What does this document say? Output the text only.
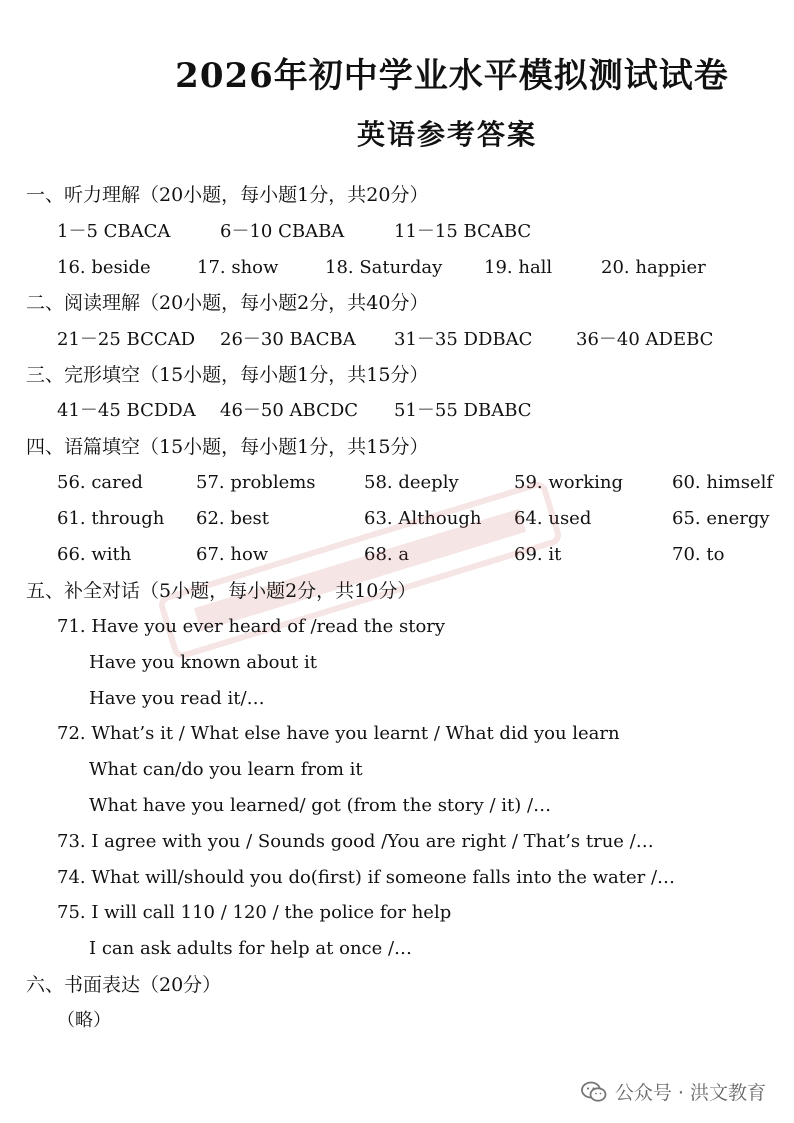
2026年初中学业水平模拟测试试卷
英语参考答案
一、听力理解（20小题，每小题1分，共20分）
1－5 CBACA	6－10 CBABA	11－15 BCABC
16. beside	17. show	18. Saturday 19. hall	20. happier
二、阅读理解（20小题，每小题2分，共40分）
21－25 BCCAD 26－30 BACBA 31－35 DDBAC 36－40 ADEBC
三、完形填空（15小题，每小题1分，共15分）
41－45 BCDDA 46－50 ABCDC 51－55 DBABC
四、语篇填空（15小题，每小题1分，共15分）
56. cared	57. problems	58. deeply	59. working	60. himself
61. through 62. best	63. Although 64. used	65. energy
66. with	67. how	68. a	69. it	70. to
五、补全对话（5小题，每小题2分，共10分）
71. Have you ever heard of /read the story
Have you known about it
Have you read it/…
72. What’s it / What else have you learnt / What did you learn
What can/do you learn from it
What have you learned/ got (from the story / it) /…
73. I agree with you / Sounds good /You are right / That’s true /…
74. What will/should you do(first) if someone falls into the water /…
75. I will call 110 / 120 / the police for help
I can ask adults for help at once /…
六、书面表达（20分）
（略）
公众号 · 洪文教育
